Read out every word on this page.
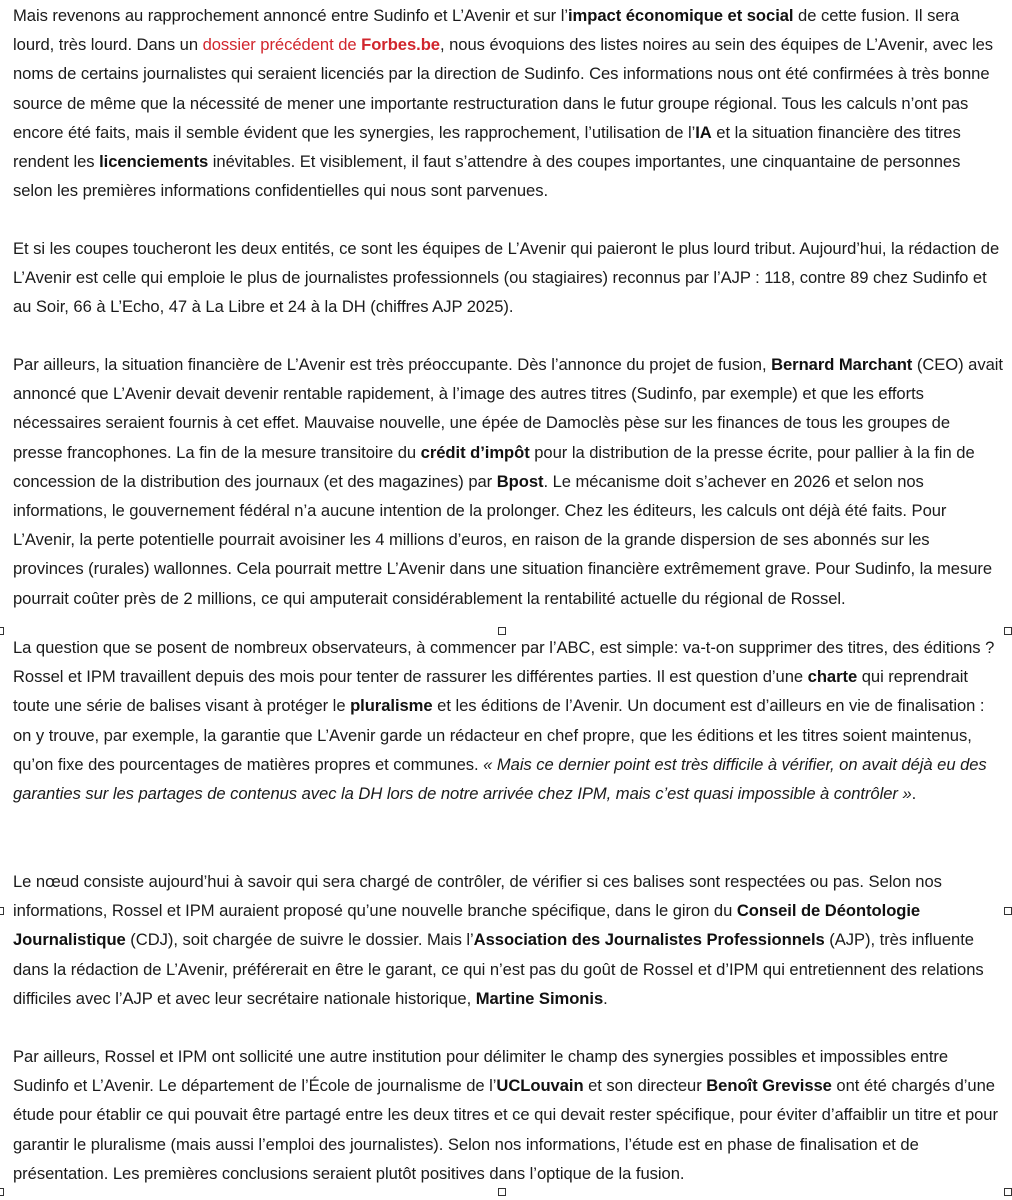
Mais revenons au rapprochement annoncé entre Sudinfo et L’Avenir et sur l’impact économique et social de cette fusion. Il sera lourd, très lourd. Dans un dossier précédent de Forbes.be, nous évoquions des listes noires au sein des équipes de L’Avenir, avec les noms de certains journalistes qui seraient licenciés par la direction de Sudinfo. Ces informations nous ont été confirmées à très bonne source de même que la nécessité de mener une importante restructuration dans le futur groupe régional. Tous les calculs n’ont pas encore été faits, mais il semble évident que les synergies, les rapprochement, l’utilisation de l’IA et la situation financière des titres rendent les licenciements inévitables. Et visiblement, il faut s’attendre à des coupes importantes, une cinquantaine de personnes selon les premières informations confidentielles qui nous sont parvenues.

Et si les coupes toucheront les deux entités, ce sont les équipes de L’Avenir qui paieront le plus lourd tribut. Aujourd’hui, la rédaction de L’Avenir est celle qui emploie le plus de journalistes professionnels (ou stagiaires) reconnus par l’AJP : 118, contre 89 chez Sudinfo et au Soir, 66 à L’Echo, 47 à La Libre et 24 à la DH (chiffres AJP 2025).

Par ailleurs, la situation financière de L’Avenir est très préoccupante. Dès l’annonce du projet de fusion, Bernard Marchant (CEO) avait annoncé que L’Avenir devait devenir rentable rapidement, à l’image des autres titres (Sudinfo, par exemple) et que les efforts nécessaires seraient fournis à cet effet. Mauvaise nouvelle, une épée de Damoclès pèse sur les finances de tous les groupes de presse francophones. La fin de la mesure transitoire du crédit d’impôt pour la distribution de la presse écrite, pour pallier à la fin de concession de la distribution des journaux (et des magazines) par Bpost. Le mécanisme doit s’achever en 2026 et selon nos informations, le gouvernement fédéral n’a aucune intention de la prolonger. Chez les éditeurs, les calculs ont déjà été faits. Pour L’Avenir, la perte potentielle pourrait avoisiner les 4 millions d’euros, en raison de la grande dispersion de ses abonnés sur les provinces (rurales) wallonnes. Cela pourrait mettre L’Avenir dans une situation financière extrêmement grave. Pour Sudinfo, la mesure pourrait coûter près de 2 millions, ce qui amputerait considérablement la rentabilité actuelle du régional de Rossel.

La question que se posent de nombreux observateurs, à commencer par l’ABC, est simple: va-t-on supprimer des titres, des éditions ? Rossel et IPM travaillent depuis des mois pour tenter de rassurer les différentes parties. Il est question d’une charte qui reprendrait toute une série de balises visant à protéger le pluralisme et les éditions de l’Avenir. Un document est d’ailleurs en vie de finalisation : on y trouve, par exemple, la garantie que L’Avenir garde un rédacteur en chef propre, que les éditions et les titres soient maintenus, qu’on fixe des pourcentages de matières propres et communes. « Mais ce dernier point est très difficile à vérifier, on avait déjà eu des garanties sur les partages de contenus avec la DH lors de notre arrivée chez IPM, mais c’est quasi impossible à contrôler ».

Le nœud consiste aujourd’hui à savoir qui sera chargé de contrôler, de vérifier si ces balises sont respectées ou pas. Selon nos informations, Rossel et IPM auraient proposé qu’une nouvelle branche spécifique, dans le giron du Conseil de Déontologie Journalistique (CDJ), soit chargée de suivre le dossier. Mais l’Association des Journalistes Professionnels (AJP), très influente dans la rédaction de L’Avenir, préférerait en être le garant, ce qui n’est pas du goût de Rossel et d’IPM qui entretiennent des relations difficiles avec l’AJP et avec leur secrétaire nationale historique, Martine Simonis.

Par ailleurs, Rossel et IPM ont sollicité une autre institution pour délimiter le champ des synergies possibles et impossibles entre Sudinfo et L’Avenir. Le département de l’École de journalisme de l’UCLouvain et son directeur Benoît Grevisse ont été chargés d’une étude pour établir ce qui pouvait être partagé entre les deux titres et ce qui devait rester spécifique, pour éviter d’affaiblir un titre et pour garantir le pluralisme (mais aussi l’emploi des journalistes). Selon nos informations, l’étude est en phase de finalisation et de présentation. Les premières conclusions seraient plutôt positives dans l’optique de la fusion.
